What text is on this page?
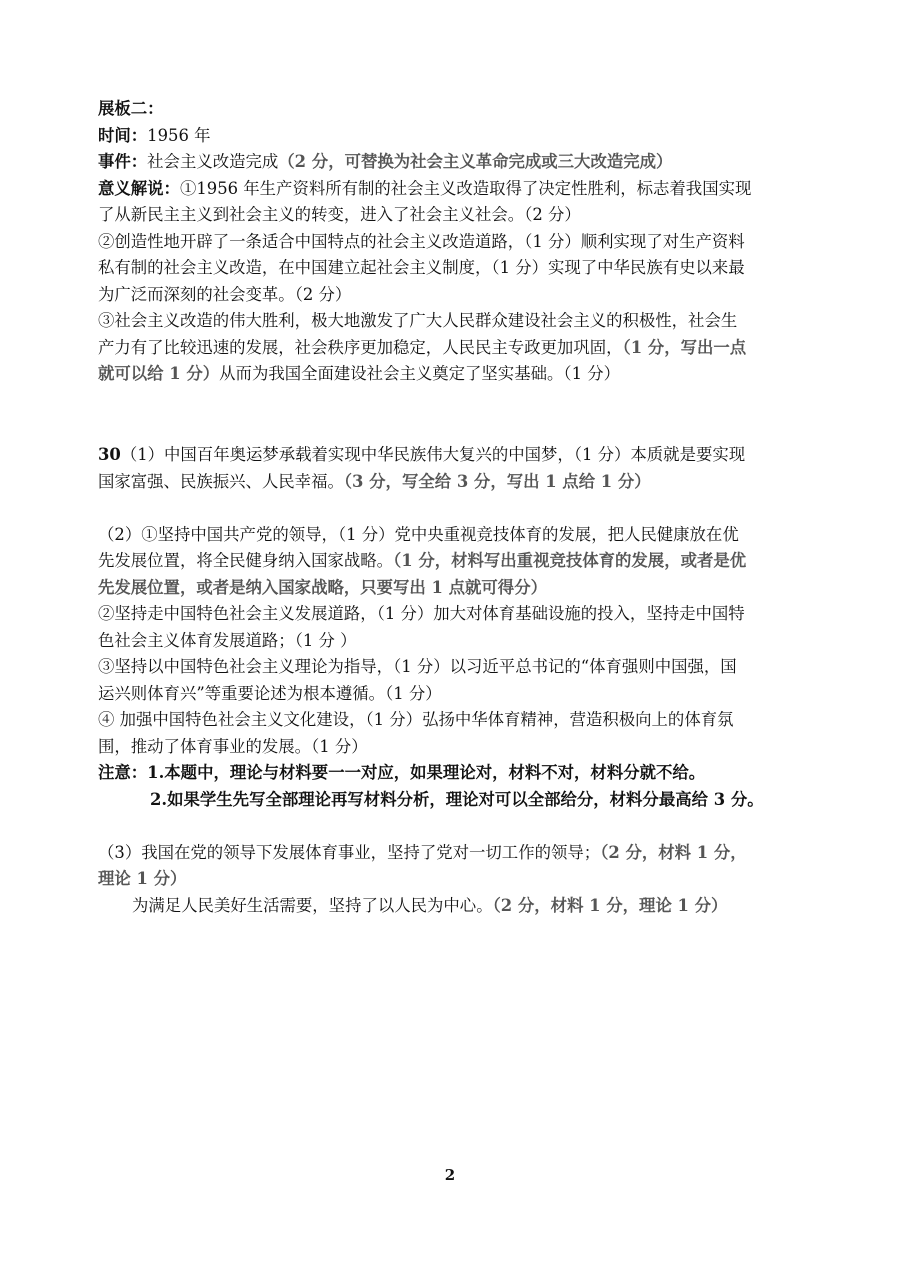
展板二：
时间：1956 年
事件：社会主义改造完成（2 分，可替换为社会主义革命完成或三大改造完成）
意义解说：①1956 年生产资料所有制的社会主义改造取得了决定性胜利，标志着我国实现
了从新民主主义到社会主义的转变，进入了社会主义社会。（2 分）
②创造性地开辟了一条适合中国特点的社会主义改造道路，（1 分）顺利实现了对生产资料
私有制的社会主义改造，在中国建立起社会主义制度，（1 分）实现了中华民族有史以来最
为广泛而深刻的社会变革。（2 分）
③社会主义改造的伟大胜利，极大地激发了广大人民群众建设社会主义的积极性，社会生
产力有了比较迅速的发展，社会秩序更加稳定，人民民主专政更加巩固，（1 分，写出一点
就可以给 1 分）从而为我国全面建设社会主义奠定了坚实基础。（1 分）
30（1）中国百年奥运梦承载着实现中华民族伟大复兴的中国梦，（1 分）本质就是要实现
国家富强、民族振兴、人民幸福。（3 分，写全给 3 分，写出 1 点给 1 分）
（2）①坚持中国共产党的领导，（1 分）党中央重视竞技体育的发展，把人民健康放在优
先发展位置，将全民健身纳入国家战略。（1 分，材料写出重视竞技体育的发展，或者是优
先发展位置，或者是纳入国家战略，只要写出 1 点就可得分）
②坚持走中国特色社会主义发展道路，（1 分）加大对体育基础设施的投入，坚持走中国特
色社会主义体育发展道路；（1 分 ）
③坚持以中国特色社会主义理论为指导，（1 分）以习近平总书记的“体育强则中国强，国
运兴则体育兴”等重要论述为根本遵循。（1 分）
④ 加强中国特色社会主义文化建设，（1 分）弘扬中华体育精神，营造积极向上的体育氛
围，推动了体育事业的发展。（1 分）
注意：1.本题中，理论与材料要一一对应，如果理论对，材料不对，材料分就不给。
2.如果学生先写全部理论再写材料分析，理论对可以全部给分，材料分最高给 3 分。
（3）我国在党的领导下发展体育事业，坚持了党对一切工作的领导；（2 分，材料 1 分，
理论 1 分）
为满足人民美好生活需要，坚持了以人民为中心。（2 分，材料 1 分，理论 1 分）
2
